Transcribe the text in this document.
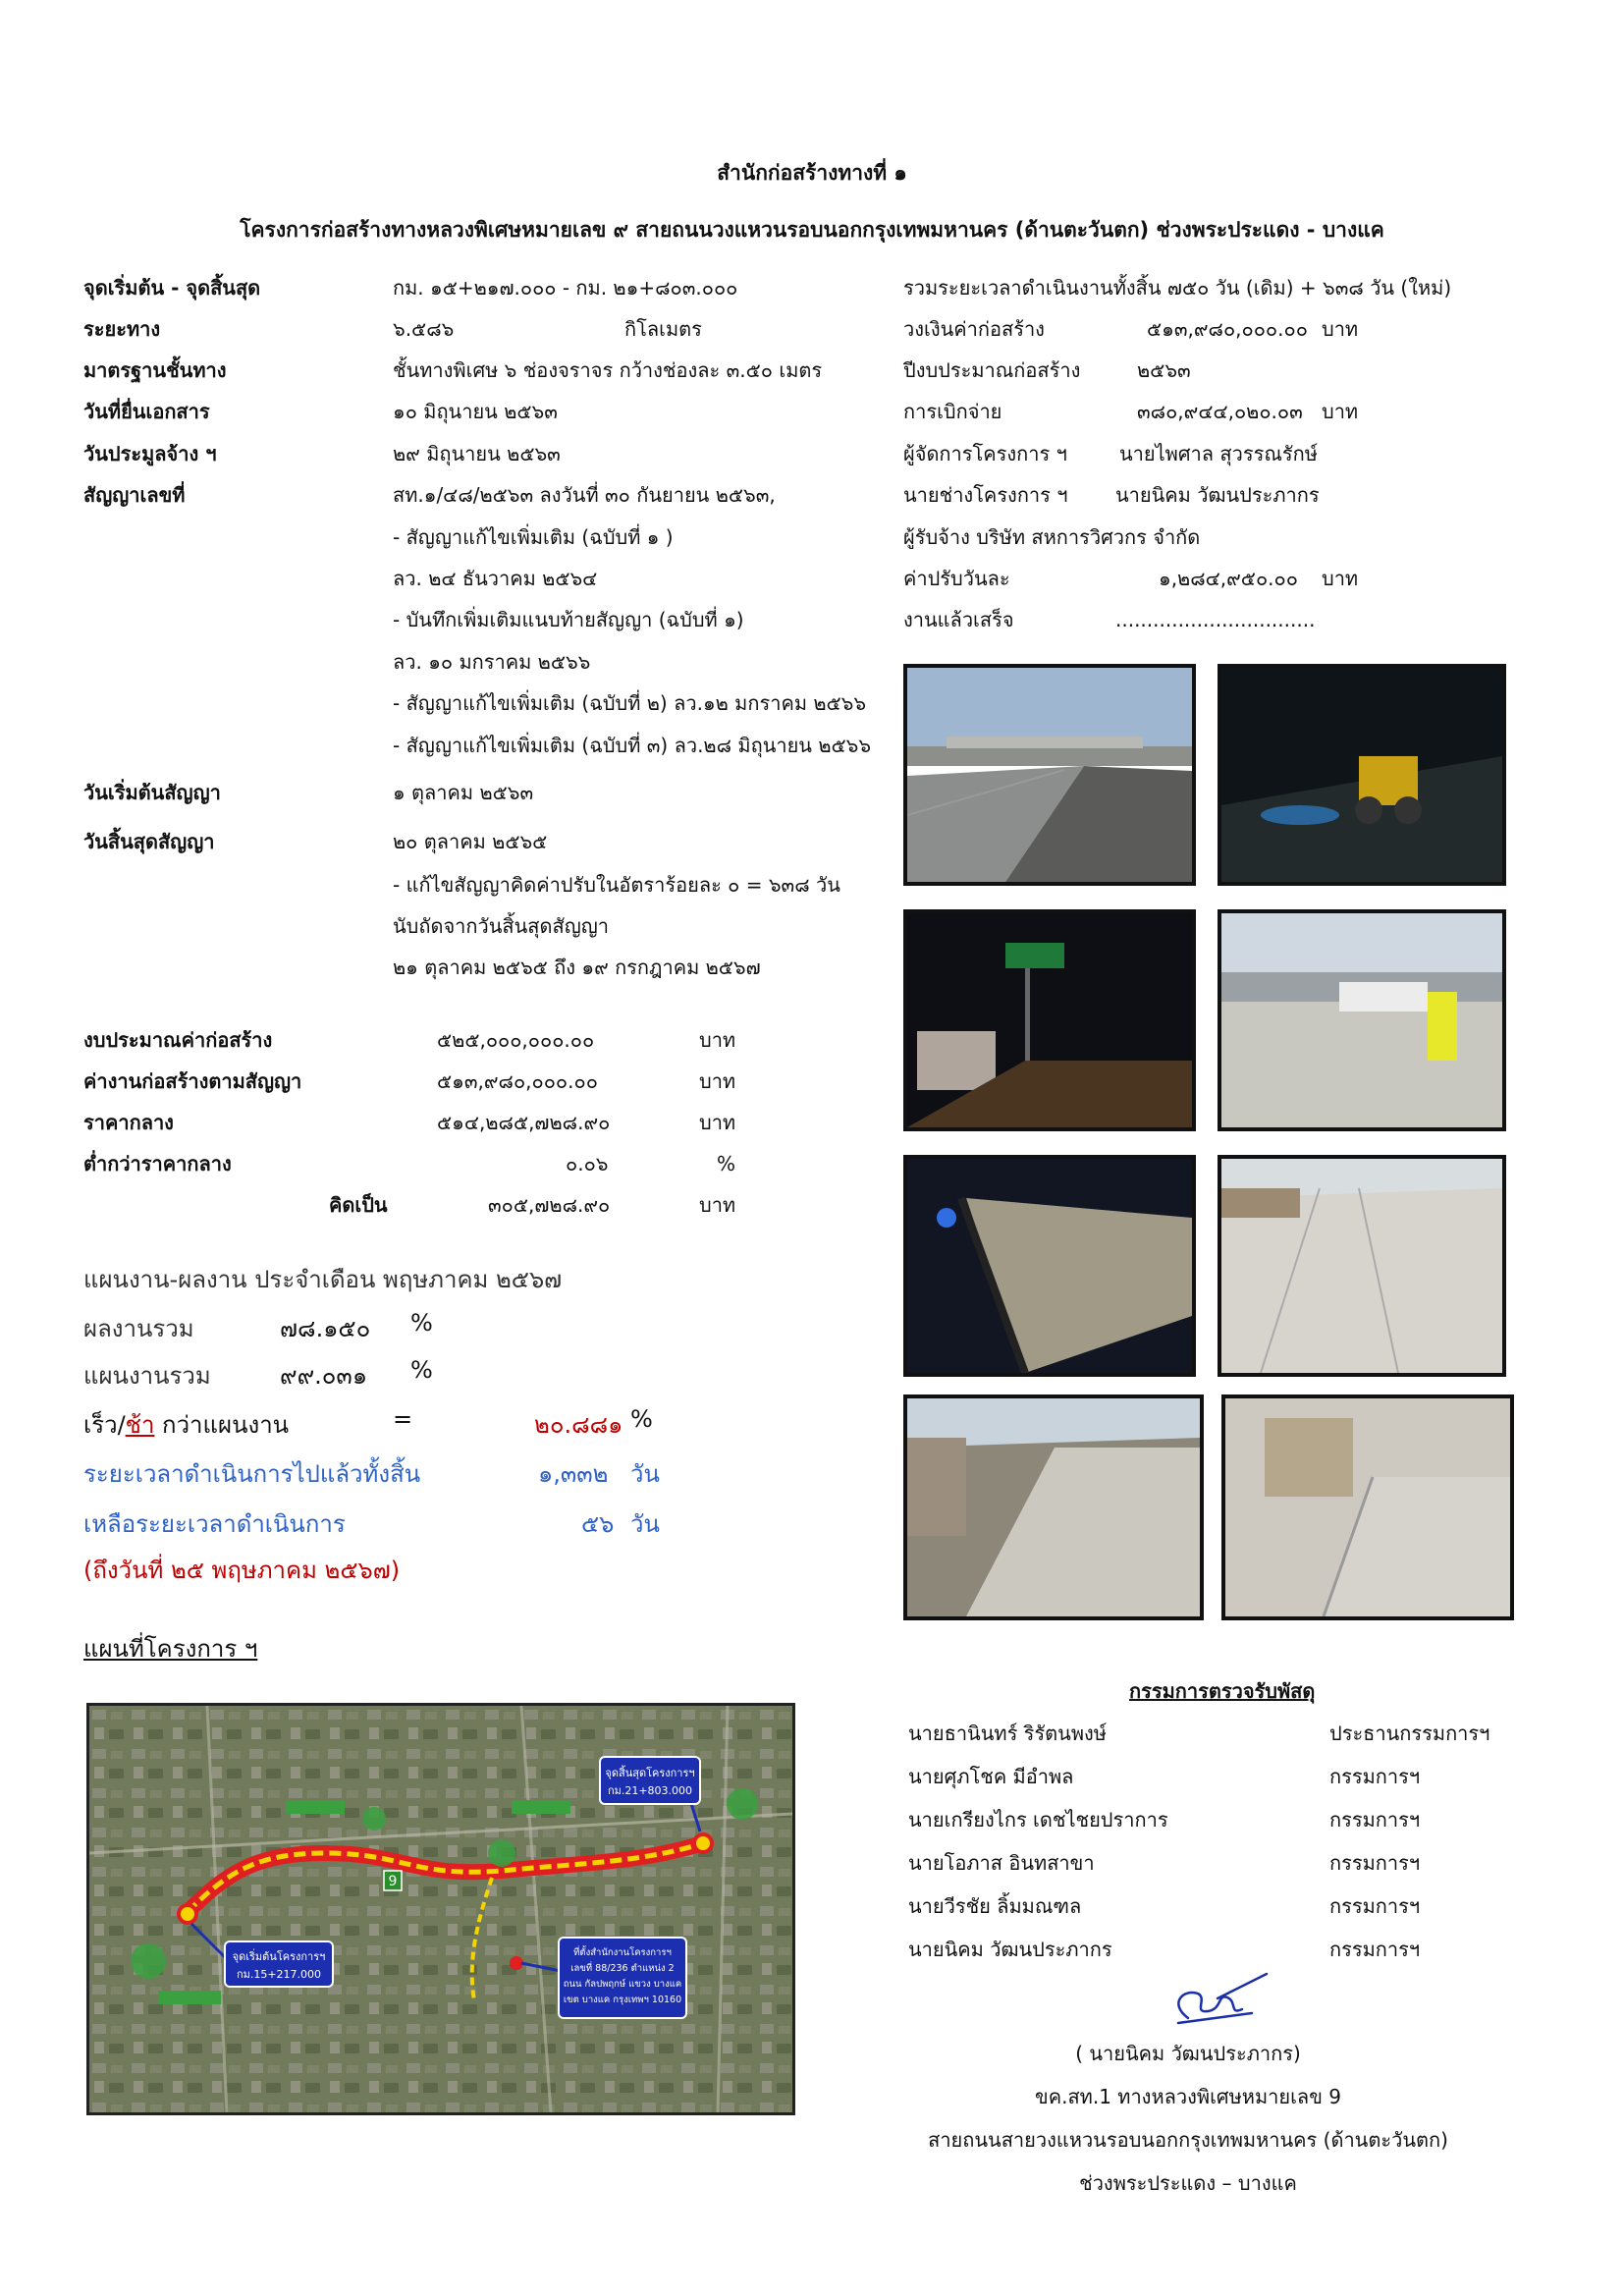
สำนักก่อสร้างทางที่ ๑
โครงการก่อสร้างทางหลวงพิเศษหมายเลข ๙ สายถนนวงแหวนรอบนอกกรุงเทพมหานคร (ด้านตะวันตก) ช่วงพระประแดง - บางแค
จุดเริ่มต้น - จุดสิ้นสุด	กม. ๑๕+๒๑๗.๐๐๐ - กม. ๒๑+๘๐๓.๐๐๐
ระยะทาง	๖.๕๘๖	กิโลเมตร
มาตรฐานชั้นทาง	ชั้นทางพิเศษ ๖ ช่องจราจร กว้างช่องละ ๓.๕๐ เมตร
วันที่ยื่นเอกสาร	๑๐ มิถุนายน ๒๕๖๓
วันประมูลจ้าง ฯ	๒๙ มิถุนายน ๒๕๖๓
สัญญาเลขที่	สท.๑/๔๘/๒๕๖๓ ลงวันที่ ๓๐ กันยายน ๒๕๖๓,
- สัญญาแก้ไขเพิ่มเติม (ฉบับที่ ๑ )
ลว. ๒๔ ธันวาคม ๒๕๖๔
- บันทึกเพิ่มเติมแนบท้ายสัญญา (ฉบับที่ ๑)
ลว. ๑๐ มกราคม ๒๕๖๖
- สัญญาแก้ไขเพิ่มเติม (ฉบับที่ ๒) ลว.๑๒ มกราคม ๒๕๖๖
- สัญญาแก้ไขเพิ่มเติม (ฉบับที่ ๓) ลว.๒๘ มิถุนายน ๒๕๖๖
วันเริ่มต้นสัญญา	๑ ตุลาคม ๒๕๖๓
วันสิ้นสุดสัญญา	๒๐ ตุลาคม ๒๕๖๕
- แก้ไขสัญญาคิดค่าปรับในอัตราร้อยละ ๐ = ๖๓๘ วัน
นับถัดจากวันสิ้นสุดสัญญา
๒๑ ตุลาคม ๒๕๖๕ ถึง ๑๙ กรกฎาคม ๒๕๖๗
งบประมาณค่าก่อสร้าง	๕๒๕,๐๐๐,๐๐๐.๐๐	บาท
ค่างานก่อสร้างตามสัญญา	๕๑๓,๙๘๐,๐๐๐.๐๐	บาท
ราคากลาง	๕๑๔,๒๘๕,๗๒๘.๙๐	บาท
ต่ำกว่าราคากลาง	๐.๐๖	%
คิดเป็น	๓๐๕,๗๒๘.๙๐	บาท
แผนงาน-ผลงาน ประจำเดือน พฤษภาคม ๒๕๖๗
ผลงานรวม	๗๘.๑๕๐ %
แผนงานรวม	๙๙.๐๓๑ %
เร็ว/ช้า กว่าแผนงาน	=	๒๐.๘๘๑ %
ระยะเวลาดำเนินการไปแล้วทั้งสิ้น	๑,๓๓๒ วัน
เหลือระยะเวลาดำเนินการ	๕๖ วัน
(ถึงวันที่ ๒๕ พฤษภาคม ๒๕๖๗)
แผนที่โครงการ ฯ
9
จุดสิ้นสุดโครงการฯ
กม.21+803.000
จุดเริ่มต้นโครงการฯ
กม.15+217.000
ที่ตั้งสำนักงานโครงการฯ
เลขที่ 88/236 ตำแหน่ง 2
ถนน กัลปพฤกษ์ แขวง บางแค
เขต บางแค กรุงเทพฯ 10160
รวมระยะเวลาดำเนินงานทั้งสิ้น ๗๕๐ วัน (เดิม) + ๖๓๘ วัน (ใหม่)
วงเงินค่าก่อสร้าง	๕๑๓,๙๘๐,๐๐๐.๐๐ บาท
ปีงบประมาณก่อสร้าง	๒๕๖๓
การเบิกจ่าย	๓๘๐,๙๔๔,๐๒๐.๐๓ บาท
ผู้จัดการโครงการ ฯ	นายไพศาล สุวรรณรักษ์
นายช่างโครงการ ฯ นายนิคม วัฒนประภากร
ผู้รับจ้าง บริษัท สหการวิศวกร จำกัด
ค่าปรับวันละ	๑,๒๘๔,๙๕๐.๐๐ บาท
งานแล้วเสร็จ	................................
กรรมการตรวจรับพัสดุ
นายธานินทร์ ริรัตนพงษ์	ประธานกรรมการฯ
นายศุภโชค มีอำพล	กรรมการฯ
นายเกรียงไกร เดชไชยปราการ	กรรมการฯ
นายโอภาส อินทสาขา	กรรมการฯ
นายวีรชัย ลิ้มมณฑล	กรรมการฯ
นายนิคม วัฒนประภากร	กรรมการฯ
( นายนิคม วัฒนประภากร)
ขค.สท.1 ทางหลวงพิเศษหมายเลข 9
สายถนนสายวงแหวนรอบนอกกรุงเทพมหานคร (ด้านตะวันตก)
ช่วงพระประแดง – บางแค
